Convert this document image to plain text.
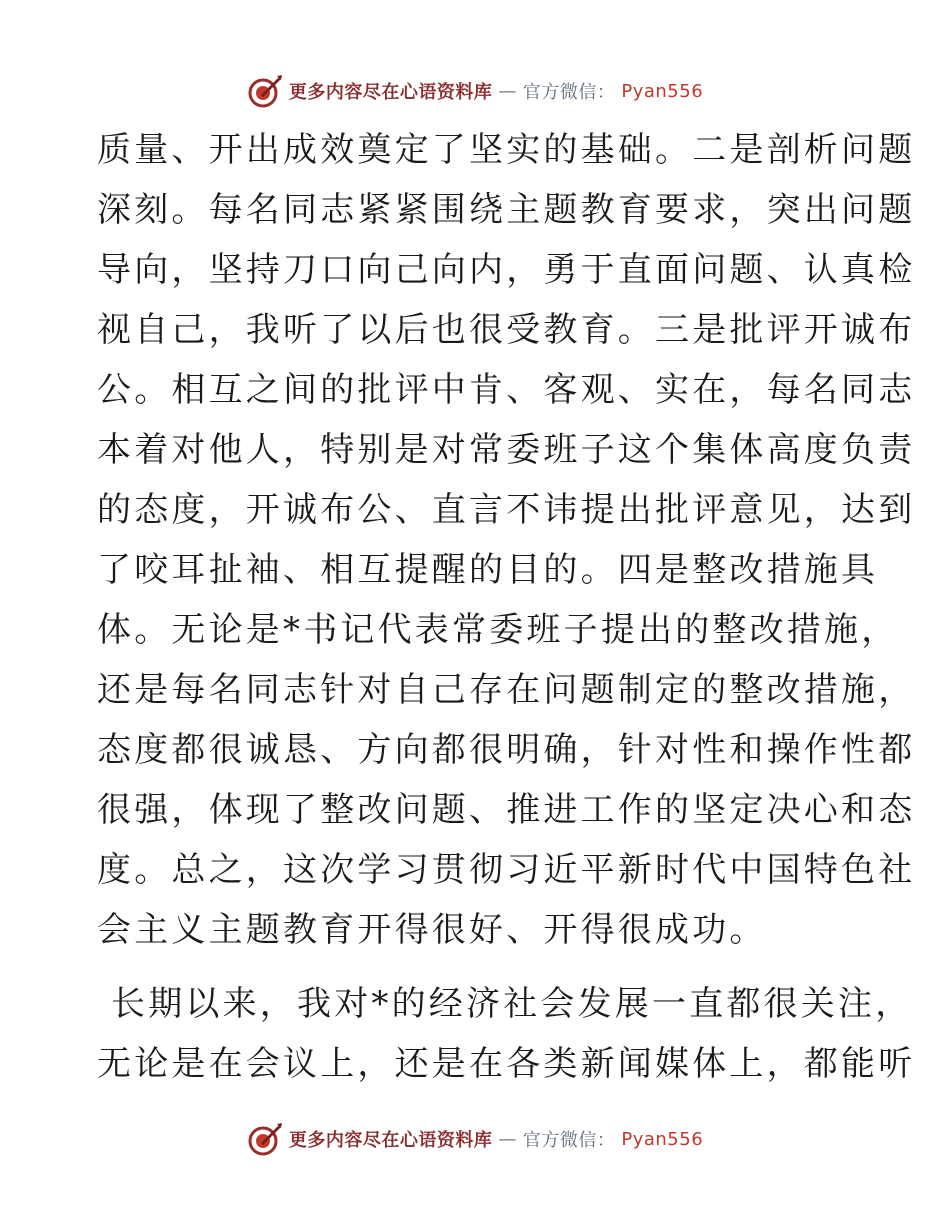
更多内容尽在心语资料库 — 官方微信： Pyan556
质量、开出成效奠定了坚实的基础。二是剖析问题
深刻。每名同志紧紧围绕主题教育要求，突出问题
导向，坚持刀口向己向内，勇于直面问题、认真检
视自己，我听了以后也很受教育。三是批评开诚布
公。相互之间的批评中肯、客观、实在，每名同志
本着对他人，特别是对常委班子这个集体高度负责
的态度，开诚布公、直言不讳提出批评意见，达到
了咬耳扯袖、相互提醒的目的。四是整改措施具
体。无论是*书记代表常委班子提出的整改措施，
还是每名同志针对自己存在问题制定的整改措施，
态度都很诚恳、方向都很明确，针对性和操作性都
很强，体现了整改问题、推进工作的坚定决心和态
度。总之，这次学习贯彻习近平新时代中国特色社
会主义主题教育开得很好、开得很成功。
长期以来，我对*的经济社会发展一直都很关注，
无论是在会议上，还是在各类新闻媒体上，都能听
更多内容尽在心语资料库 — 官方微信： Pyan556
